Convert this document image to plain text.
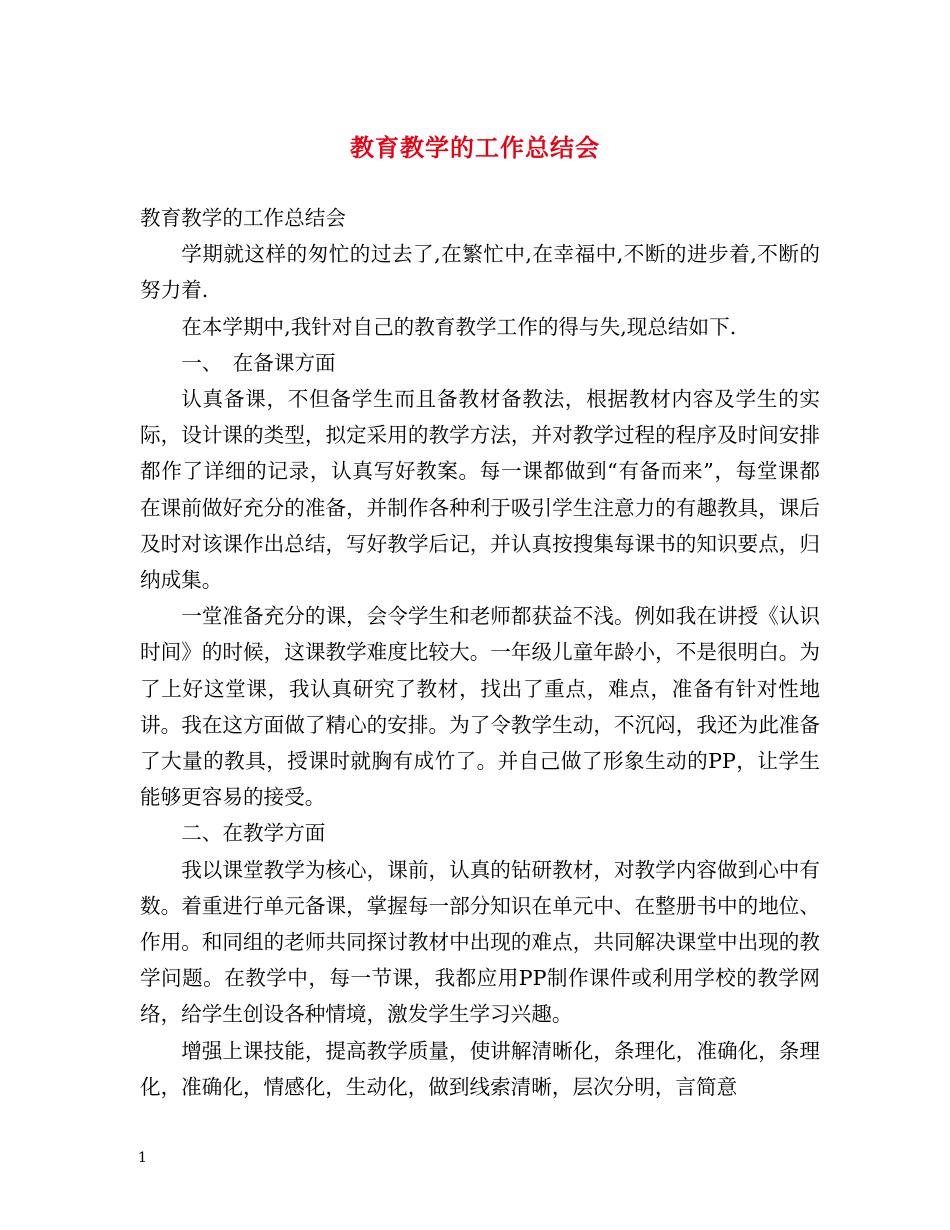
教育教学的工作总结会

教育教学的工作总结会

学期就这样的匆忙的过去了,在繁忙中,在幸福中,不断的进步着,不断的努力着.

在本学期中,我针对自己的教育教学工作的得与失,现总结如下.

一、　在备课方面

认真备课，不但备学生而且备教材备教法，根据教材内容及学生的实际，设计课的类型，拟定采用的教学方法，并对教学过程的程序及时间安排都作了详细的记录，认真写好教案。每一课都做到“有备而来”，每堂课都在课前做好充分的准备，并制作各种利于吸引学生注意力的有趣教具，课后及时对该课作出总结，写好教学后记，并认真按搜集每课书的知识要点，归纳成集。

一堂准备充分的课，会令学生和老师都获益不浅。例如我在讲授《认识时间》的时候，这课教学难度比较大。一年级儿童年龄小，不是很明白。为了上好这堂课，我认真研究了教材，找出了重点，难点，准备有针对性地讲。我在这方面做了精心的安排。为了令教学生动，不沉闷，我还为此准备了大量的教具，授课时就胸有成竹了。并自己做了形象生动的PP，让学生能够更容易的接受。

二、在教学方面

我以课堂教学为核心，课前，认真的钻研教材，对教学内容做到心中有数。着重进行单元备课，掌握每一部分知识在单元中、在整册书中的地位、作用。和同组的老师共同探讨教材中出现的难点，共同解决课堂中出现的教学问题。在教学中，每一节课，我都应用PP制作课件或利用学校的教学网络，给学生创设各种情境，激发学生学习兴趣。

增强上课技能，提高教学质量，使讲解清晰化，条理化，准确化，条理化，准确化，情感化，生动化，做到线索清晰，层次分明，言简意

1
